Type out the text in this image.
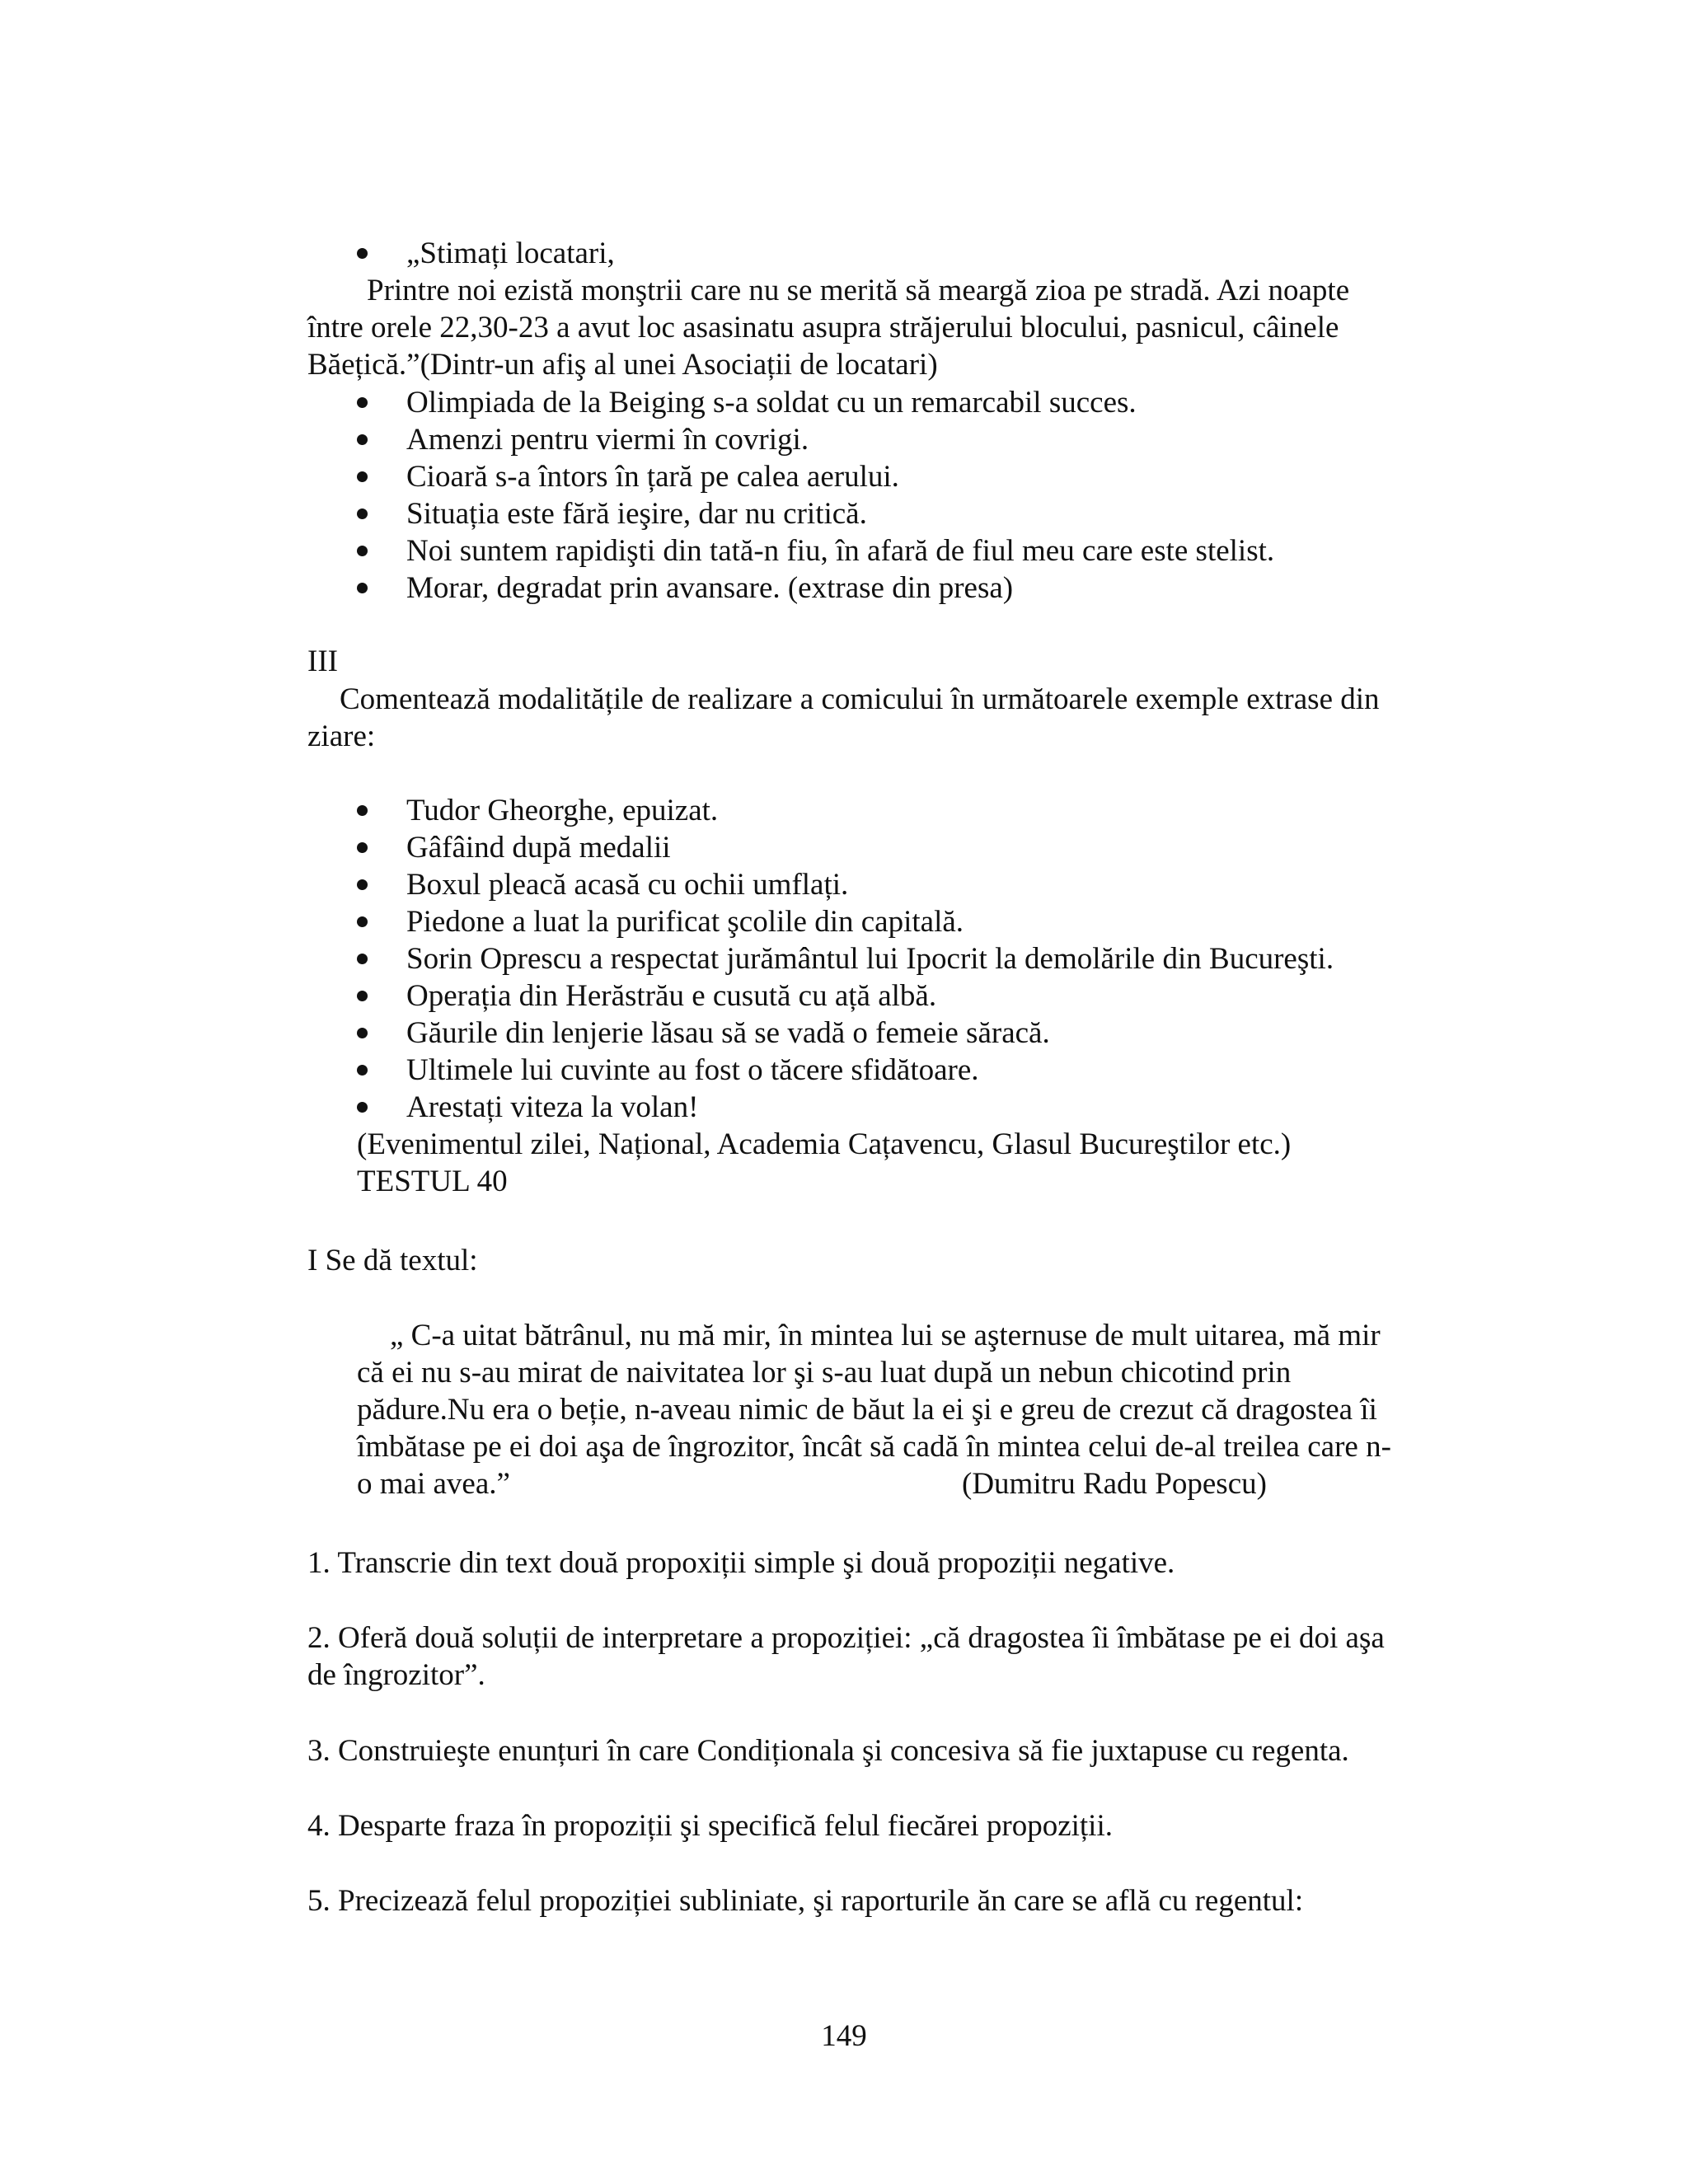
„Stimați locatari,
Printre noi ezistă monştrii care nu se merită să meargă zioa pe stradă. Azi noapte
între orele 22,30-23 a avut loc asasinatu asupra străjerului blocului, pasnicul, câinele
Băețică.”(Dintr-un afiş al unei Asociații de locatari)
Olimpiada de la Beiging s-a soldat cu un remarcabil succes.
Amenzi pentru viermi în covrigi.
Cioară s-a întors în țară pe calea aerului.
Situația este fără ieşire, dar nu critică.
Noi suntem rapidişti din tată-n fiu, în afară de fiul meu care este stelist.
Morar, degradat prin avansare. (extrase din presa)
III
Comentează modalitățile de realizare a comicului în următoarele exemple extrase din
ziare:
Tudor Gheorghe, epuizat.
Gâfâind după medalii
Boxul pleacă acasă cu ochii umflați.
Piedone a luat la purificat şcolile din capitală.
Sorin Oprescu a respectat jurământul lui Ipocrit la demolările din Bucureşti.
Operația din Herăstrău e cusută cu ață albă.
Găurile din lenjerie lăsau să se vadă o femeie săracă.
Ultimele lui cuvinte au fost o tăcere sfidătoare.
Arestați viteza la volan!
(Evenimentul zilei, Național, Academia Cațavencu, Glasul Bucureştilor etc.)
TESTUL 40
I Se dă textul:
„ C-a uitat bătrânul, nu mă mir, în mintea lui se aşternuse de mult uitarea, mă mir
că ei nu s-au mirat de naivitatea lor şi s-au luat după un nebun chicotind prin
pădure.Nu era o beție, n-aveau nimic de băut la ei şi e greu de crezut că dragostea îi
îmbătase pe ei doi aşa de îngrozitor, încât să cadă în mintea celui de-al treilea care n-
o mai avea.”	(Dumitru Radu Popescu)
1. Transcrie din text două propoxiții simple şi două propoziții negative.
2. Oferă două soluții de interpretare a propoziției: „că dragostea îi îmbătase pe ei doi aşa
de îngrozitor”.
3. Construieşte enunțuri în care Condiționala şi concesiva să fie juxtapuse cu regenta.
4. Desparte fraza în propoziții şi specifică felul fiecărei propoziții.
5. Precizează felul propoziției subliniate, şi raporturile ăn care se află cu regentul:
149
